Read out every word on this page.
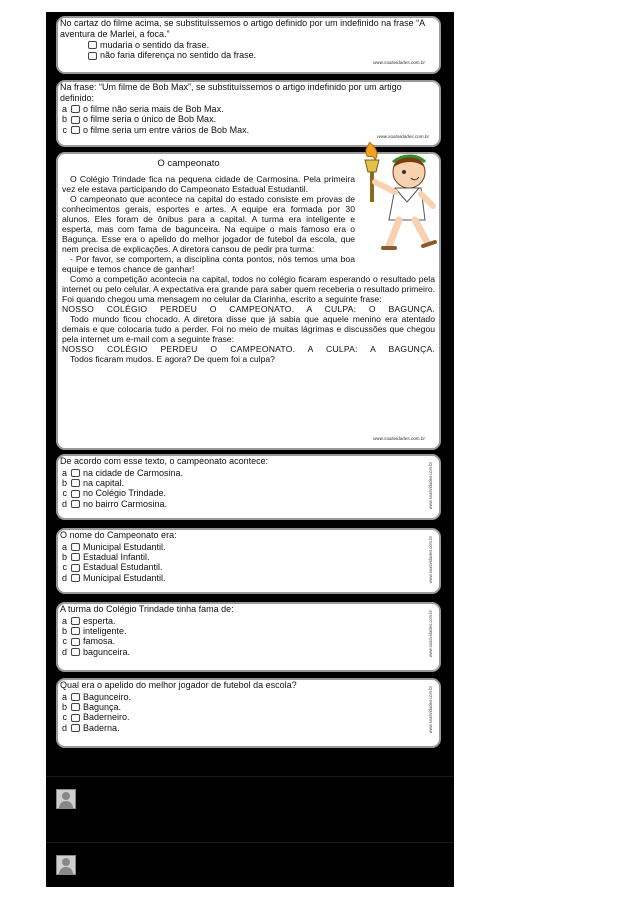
No cartaz do filme acima, se substituíssemos o artigo definido por um indefinido na frase “A aventura de Marlei, a foca.”
mudaria o sentido da frase.
não faria diferença no sentido da frase.
www.soatividades.com.br
Na frase: “Um filme de Bob Max”, se substituíssemos o artigo indefinido por um artigo definido:
a o filme não seria mais de Bob Max.
b o filme seria o único de Bob Max.
c o filme seria um entre vários de Bob Max.
www.soatividades.com.br
O campeonato

O Colégio Trindade fica na pequena cidade de Carmosina. Pela primeira vez ele estava participando do Campeonato Estadual Estudantil.

O campeonato que acontece na capital do estado consiste em provas de conhecimentos gerais, esportes e artes. A equipe era formada por 30 alunos. Eles foram de ônibus para a capital. A turma era inteligente e esperta, mas com fama de bagunceira. Na equipe o mais famoso era o Bagunça. Esse era o apelido do melhor jogador de futebol da escola, que nem precisa de explicações. A diretora cansou de pedir pra turma:

- Por favor, se comportem, a disciplina conta pontos, nós temos uma boa equipe e temos chance de ganhar!

Como a competição acontecia na capital, todos no colégio ficaram esperando o resultado pela internet ou pelo celular. A expectativa era grande para saber quem receberia o resultado primeiro. Foi quando chegou uma mensagem no celular da Clarinha, escrito a seguinte frase:

NOSSO COLÉGIO PERDEU O CAMPEONATO. A CULPA: O BAGUNÇA.

Todo mundo ficou chocado. A diretora disse que já sabia que aquele menino era atentado demais e que colocaria tudo a perder. Foi no meio de muitas lágrimas e discussões que chegou pela internet um e-mail com a seguinte frase:

NOSSO COLÉGIO PERDEU O CAMPEONATO. A CULPA: A BAGUNÇA.

Todos ficaram mudos. E agora? De quem foi a culpa?

www.soatividades.com.br
De acordo com esse texto, o campeonato acontece:
a na cidade de Carmosina.
b na capital.
c no Colégio Trindade.
d no bairro Carmosina.	www.soatividades.com.br
O nome do Campeonato era:
a Municipal Estudantil.
b Estadual Infantil.
c Estadual Estudantil.
d Municipal Estudantil.	www.soatividades.com.br
A turma do Colégio Trindade tinha fama de:
a esperta.
b inteligente.
c famosa.
d bagunceira.	www.soatividades.com.br
Qual era o apelido do melhor jogador de futebol da escola?
a Bagunceiro.
b Bagunça.
c Baderneiro.
d Baderna.	www.soatividades.com.br
